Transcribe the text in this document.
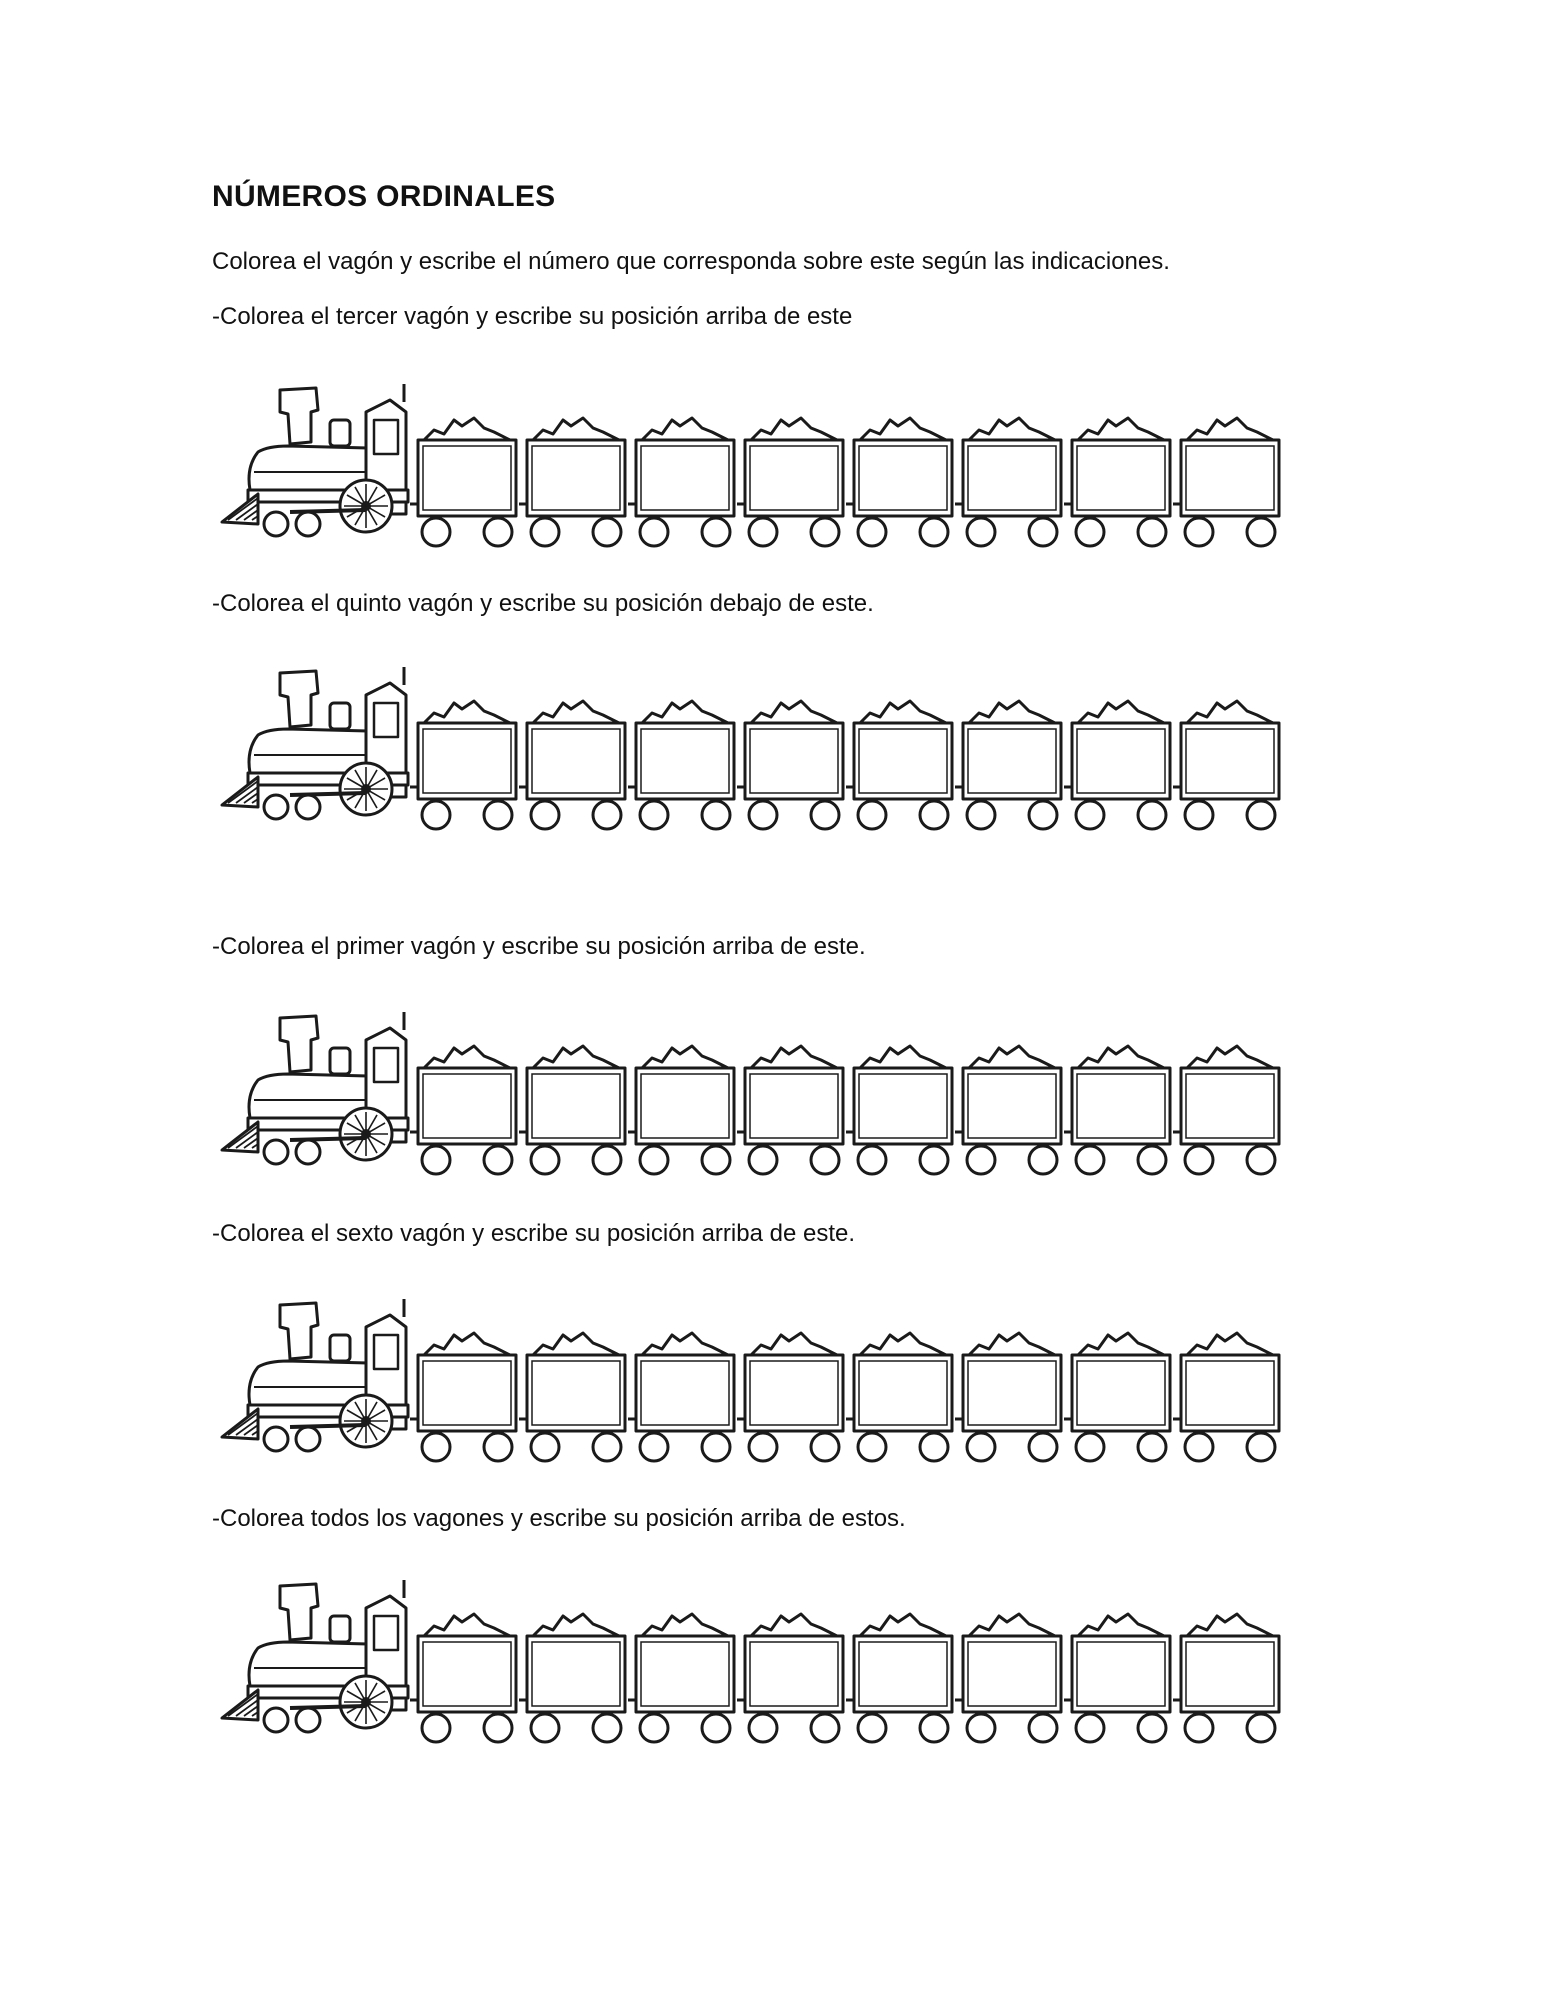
NÚMEROS ORDINALES

Colorea el vagón y escribe el número que corresponda sobre este según las indicaciones.

-Colorea el tercer vagón y escribe su posición arriba de este

-Colorea el quinto vagón y escribe su posición debajo de este.

-Colorea el primer vagón y escribe su posición arriba de este.

-Colorea el sexto vagón y escribe su posición arriba de este.

-Colorea todos los vagones y escribe su posición arriba de estos.
